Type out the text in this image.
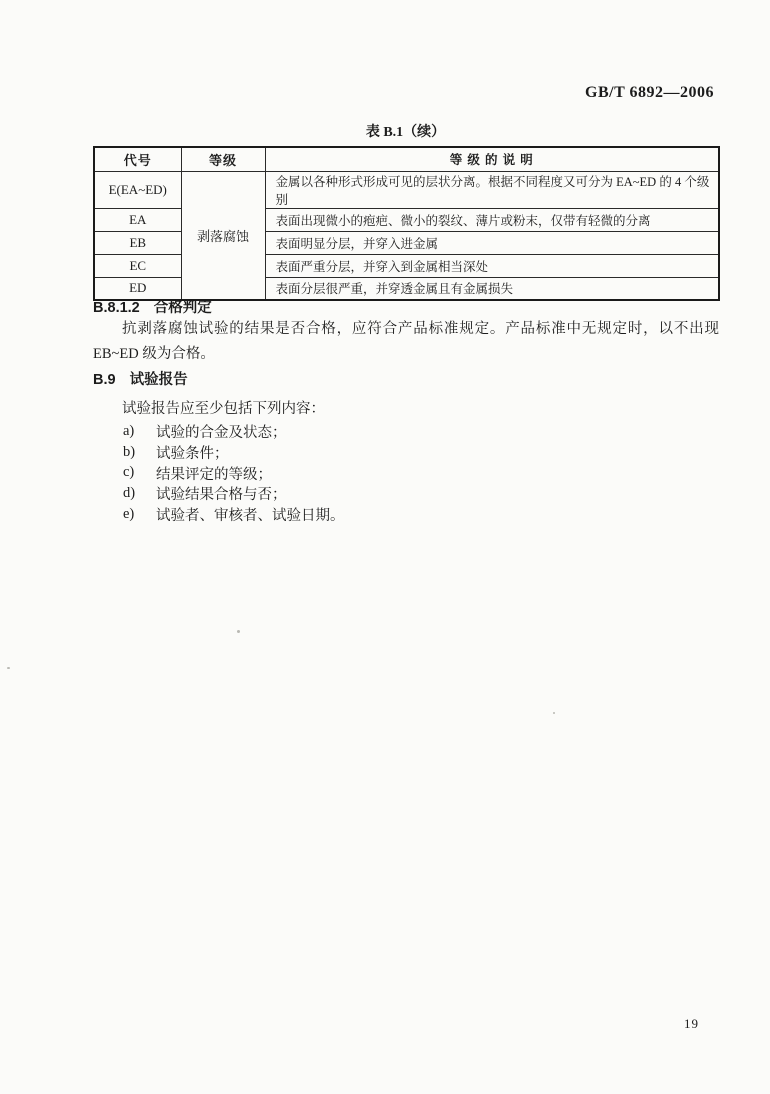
GB/T 6892—2006
表 B.1（续）
代号	等级	等 级 的 说 明
E(EA~ED)	剥落腐蚀	金属以各种形式形成可见的层状分离。根据不同程度又可分为 EA~ED 的 4 个级别
EA		表面出现微小的疱疤、微小的裂纹、薄片或粉末，仅带有轻微的分离
EB		表面明显分层，并穿入进金属
EC		表面严重分层，并穿入到金属相当深处
ED		表面分层很严重，并穿透金属且有金属损失
B.8.1.2 合格判定

抗剥落腐蚀试验的结果是否合格，应符合产品标准规定。产品标准中无规定时，以不出现 EB~ED 级为合格。

B.9 试验报告

试验报告应至少包括下列内容：

a)	试验的合金及状态；
b)	试验条件；
c)	结果评定的等级；
d)	试验结果合格与否；
e)	试验者、审核者、试验日期。
19
